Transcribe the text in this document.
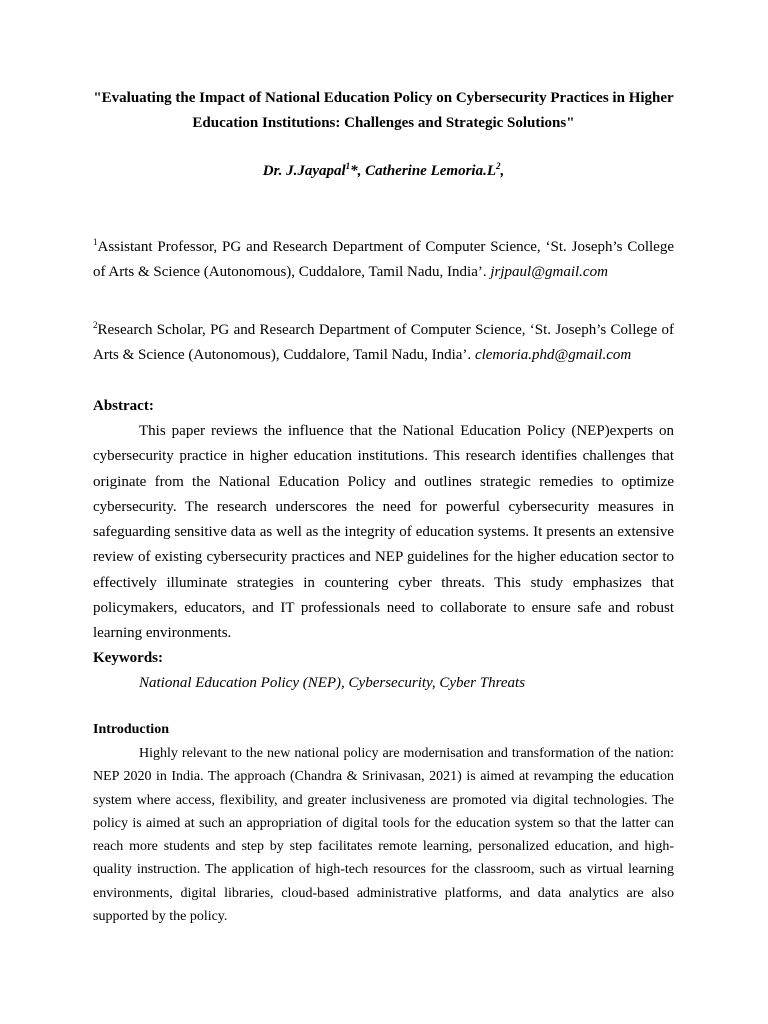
"Evaluating the Impact of National Education Policy on Cybersecurity Practices in Higher Education Institutions: Challenges and Strategic Solutions"
Dr. J.Jayapal$^1$*, Catherine $Lemoria.L^2$,
$^1$Assistant Professor, PG and Research Department of Computer Science, ‘St. Joseph’s College of Arts & Science (Autonomous), Cuddalore, Tamil Nadu, India’. jrjpaul@gmail.com
$^2$Research Scholar, PG and Research Department of Computer Science, ‘St. Joseph’s College of Arts & Science (Autonomous), Cuddalore, Tamil Nadu, India’. clemoria.phd@gmail.com
Abstract:
This paper reviews the influence that the National Education Policy (NEP)experts on cybersecurity practice in higher education institutions. This research identifies challenges that originate from the National Education Policy and outlines strategic remedies to optimize cybersecurity. The research underscores the need for powerful cybersecurity measures in safeguarding sensitive data as well as the integrity of education systems. It presents an extensive review of existing cybersecurity practices and NEP guidelines for the higher education sector to effectively illuminate strategies in countering cyber threats. This study emphasizes that policymakers, educators, and IT professionals need to collaborate to ensure safe and robust learning environments.
Keywords:
National Education Policy (NEP), Cybersecurity, Cyber Threats
Introduction
Highly relevant to the new national policy are modernisation and transformation of the nation: NEP 2020 in India. The approach (Chandra & Srinivasan, 2021) is aimed at revamping the education system where access, flexibility, and greater inclusiveness are promoted via digital technologies. The policy is aimed at such an appropriation of digital tools for the education system so that the latter can reach more students and step by step facilitates remote learning, personalized education, and high-quality instruction. The application of high-tech resources for the classroom, such as virtual learning environments, digital libraries, cloud-based administrative platforms, and data analytics are also supported by the policy.
